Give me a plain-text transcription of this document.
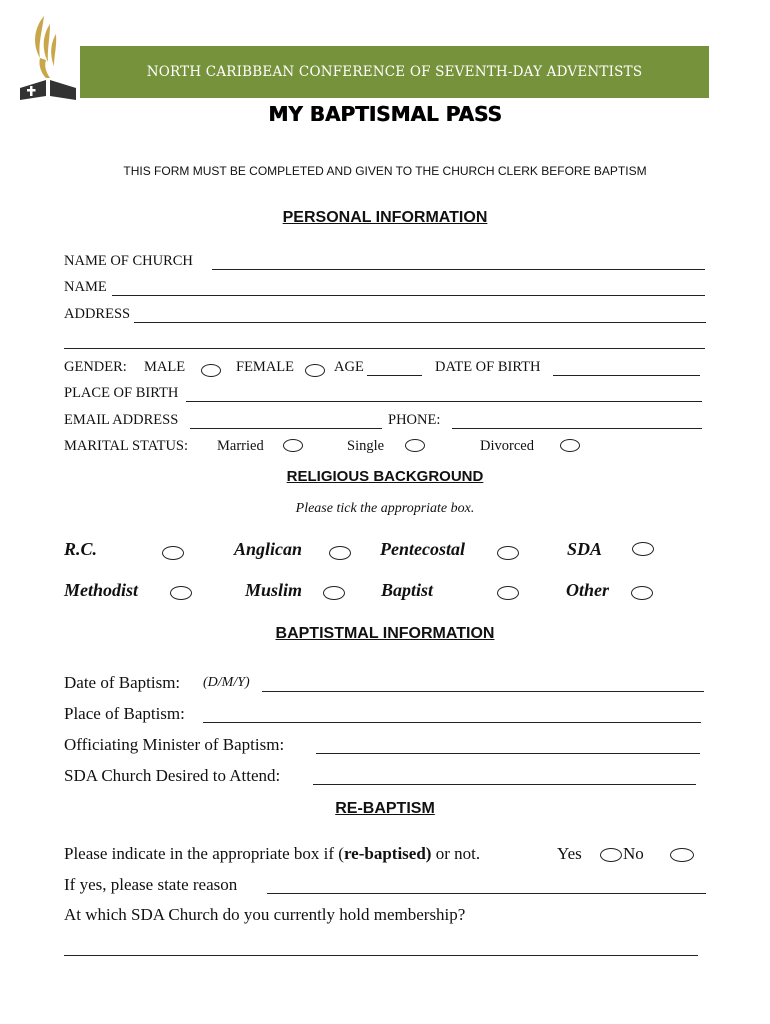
NORTH CARIBBEAN CONFERENCE OF SEVENTH-DAY ADVENTISTS
MY BAPTISMAL PASS
THIS FORM MUST BE COMPLETED AND GIVEN TO THE CHURCH CLERK BEFORE BAPTISM
PERSONAL INFORMATION
NAME OF CHURCH
NAME
ADDRESS
GENDER: MALE	FEMALE	AGE	DATE OF BIRTH
PLACE OF BIRTH
EMAIL ADDRESS	PHONE:
MARITAL STATUS: Married	Single	Divorced
RELIGIOUS BACKGROUND
Please tick the appropriate box.
R.C.	Anglican	Pentecostal	SDA
Methodist	Muslim	Baptist	Other
BAPTISTMAL INFORMATION
Date of Baptism: (D/M/Y)
Place of Baptism:
Officiating Minister of Baptism:
SDA Church Desired to Attend:
RE-BAPTISM
Please indicate in the appropriate box if (re-baptised) or not.	Yes No
If yes, please state reason
At which SDA Church do you currently hold membership?
